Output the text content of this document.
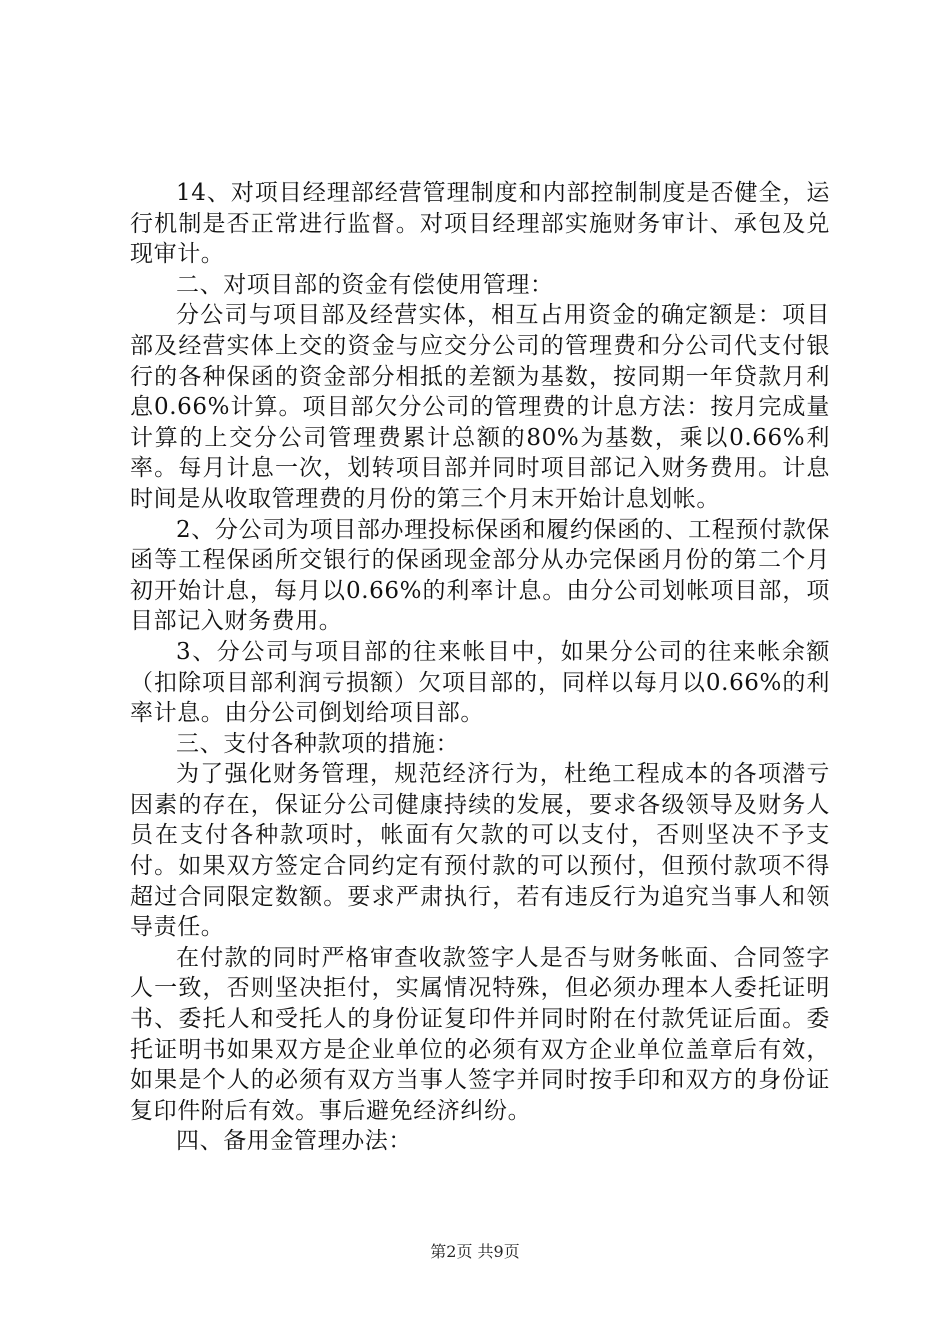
14、对项目经理部经营管理制度和内部控制制度是否健全，运行机制是否正常进行监督。对项目经理部实施财务审计、承包及兑现审计。

二、对项目部的资金有偿使用管理：

分公司与项目部及经营实体，相互占用资金的确定额是：项目部及经营实体上交的资金与应交分公司的管理费和分公司代支付银行的各种保函的资金部分相抵的差额为基数，按同期一年贷款月利息0.66%计算。项目部欠分公司的管理费的计息方法：按月完成量计算的上交分公司管理费累计总额的80%为基数，乘以0.66%利率。每月计息一次，划转项目部并同时项目部记入财务费用。计息时间是从收取管理费的月份的第三个月末开始计息划帐。

2、分公司为项目部办理投标保函和履约保函的、工程预付款保函等工程保函所交银行的保函现金部分从办完保函月份的第二个月初开始计息，每月以0.66%的利率计息。由分公司划帐项目部，项目部记入财务费用。

3、分公司与项目部的往来帐目中，如果分公司的往来帐余额（扣除项目部利润亏损额）欠项目部的，同样以每月以0.66%的利率计息。由分公司倒划给项目部。

三、支付各种款项的措施：

为了强化财务管理，规范经济行为，杜绝工程成本的各项潜亏因素的存在，保证分公司健康持续的发展，要求各级领导及财务人员在支付各种款项时，帐面有欠款的可以支付，否则坚决不予支付。如果双方签定合同约定有预付款的可以预付，但预付款项不得超过合同限定数额。要求严肃执行，若有违反行为追究当事人和领导责任。

在付款的同时严格审查收款签字人是否与财务帐面、合同签字人一致，否则坚决拒付，实属情况特殊，但必须办理本人委托证明书、委托人和受托人的身份证复印件并同时附在付款凭证后面。委托证明书如果双方是企业单位的必须有双方企业单位盖章后有效，如果是个人的必须有双方当事人签字并同时按手印和双方的身份证复印件附后有效。事后避免经济纠纷。

四、备用金管理办法：

第2页 共9页
